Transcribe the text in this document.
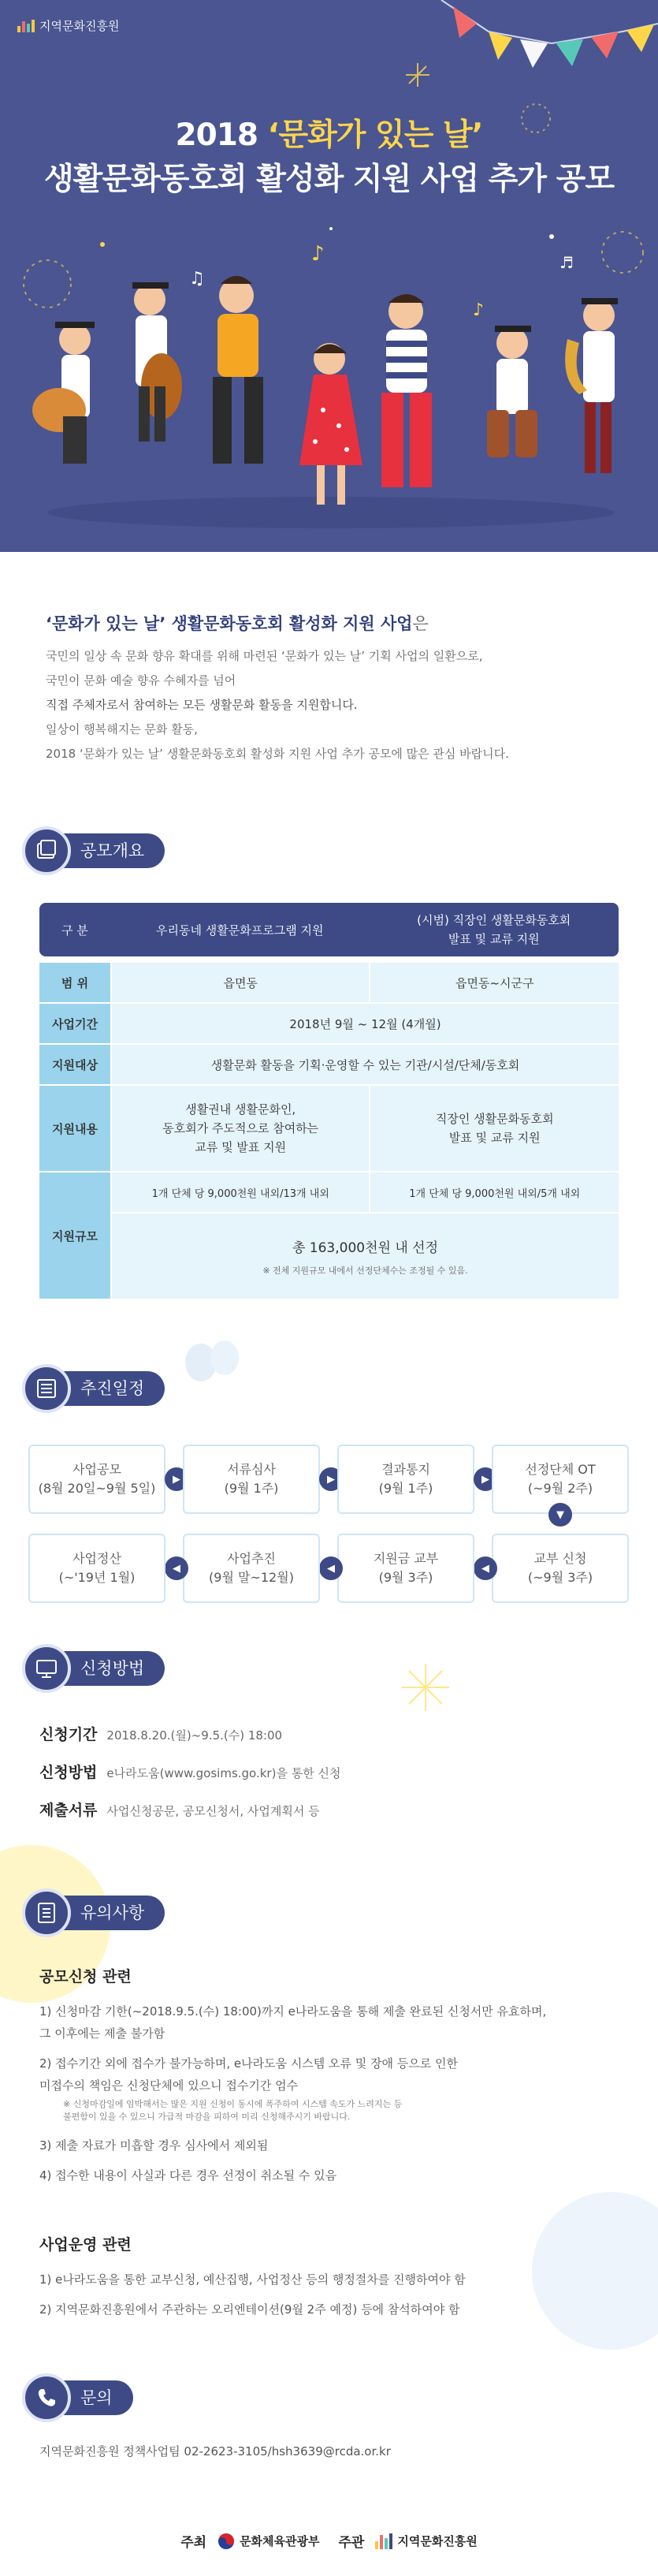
♪
♫
♪
♬
지역문화진흥원
2018 ‘문화가 있는 날’
생활문화동호회 활성화 지원 사업 추가 공모
‘문화가 있는 날’ 생활문화동호회 활성화 지원 사업은

국민의 일상 속 문화 향유 확대를 위해 마련된 ‘문화가 있는 날’ 기획 사업의 일환으로,

국민이 문화 예술 향유 수혜자를 넘어

직접 주체자로서 참여하는 모든 생활문화 활동을 지원합니다.

일상이 행복해지는 문화 활동,

2018 ‘문화가 있는 날’ 생활문화동호회 활성화 지원 사업 추가 공모에 많은 관심 바랍니다.

공모개요
구 분	우리동네 생활문화프로그램 지원	(시범) 직장인 생활문화동호회
발표 및 교류 지원

범 위	읍면동	읍면동~시군구
사업기간	2018년 9월 ~ 12월 (4개월)	
지원대상	생활문화 활동을 기획·운영할 수 있는 기관/시설/단체/동호회	
지원내용	생활권내 생활문화인,
동호회가 주도적으로 참여하는
교류 및 발표 지원	직장인 생활문화동호회
발표 및 교류 지원
지원규모	1개 단체 당 9,000천원 내외/13개 내외	1개 단체 당 9,000천원 내외/5개 내외

	총 163,000천원 내 선정
※ 전체 지원규모 내에서 선정단체수는 조정될 수 있음.	
추진일정
사업공모
(8월 20일~9월 5일)
▶
서류심사
(9월 1주)
▶
결과통지
(9월 1주)
▶
선정단체 OT
(~9월 2주)
▼
교부 신청
(~9월 3주)
◀
지원금 교부
(9월 3주)
◀
사업추진
(9월 말~12월)
◀
사업정산
(~'19년 1월)
신청방법
신청기간 2018.8.20.(월)~9.5.(수) 18:00
신청방법 e나라도움(www.gosims.go.kr)을 통한 신청
제출서류 사업신청공문, 공모신청서, 사업계획서 등
유의사항
공모신청 관련
1) 신청마감 기한(~2018.9.5.(수) 18:00)까지 e나라도움을 통해 제출 완료된 신청서만 유효하며,
그 이후에는 제출 불가함
2) 접수기간 외에 접수가 불가능하며, e나라도움 시스템 오류 및 장애 등으로 인한
미접수의 책임은 신청단체에 있으니 접수기간 엄수
※ 신청마감일에 임박해서는 많은 지원 신청이 동시에 폭주하여 시스템 속도가 느려지는 등
불편함이 있을 수 있으니 가급적 마감을 피하여 미리 신청해주시기 바랍니다.
3) 제출 자료가 미흡할 경우 심사에서 제외됨
4) 접수한 내용이 사실과 다른 경우 선정이 취소될 수 있음
사업운영 관련
1) e나라도움을 통한 교부신청, 예산집행, 사업정산 등의 행정절차를 진행하여야 함
2) 지역문화진흥원에서 주관하는 오리엔테이션(9월 2주 예정) 등에 참석하여야 함
문의
지역문화진흥원 정책사업팀 02-2623-3105/hsh3639@rcda.or.kr
주최	문화체육관광부 주관	지역문화진흥원
